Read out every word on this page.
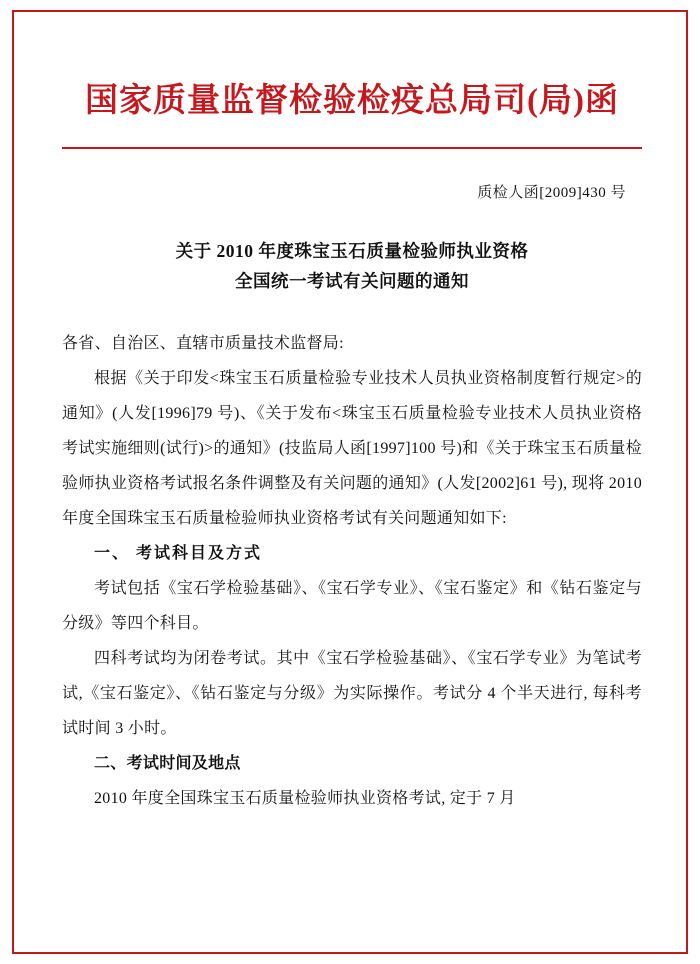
国家质量监督检验检疫总局司(局)函
质检人函[2009]430 号
关于 2010 年度珠宝玉石质量检验师执业资格
全国统一考试有关问题的通知

各省、自治区、直辖市质量技术监督局:

根据《关于印发<珠宝玉石质量检验专业技术人员执业资格制度暂行规定>的通知》(人发[1996]79 号)、《关于发布<珠宝玉石质量检验专业技术人员执业资格考试实施细则(试行)>的通知》(技监局人函[1997]100 号)和《关于珠宝玉石质量检验师执业资格考试报名条件调整及有关问题的通知》(人发[2002]61 号), 现将 2010 年度全国珠宝玉石质量检验师执业资格考试有关问题通知如下:

一、 考试科目及方式

考试包括《宝石学检验基础》、《宝石学专业》、《宝石鉴定》和《钻石鉴定与分级》等四个科目。

四科考试均为闭卷考试。其中《宝石学检验基础》、《宝石学专业》为笔试考试,《宝石鉴定》、《钻石鉴定与分级》为实际操作。考试分 4 个半天进行, 每科考试时间 3 小时。

二、考试时间及地点

2010 年度全国珠宝玉石质量检验师执业资格考试, 定于 7 月
